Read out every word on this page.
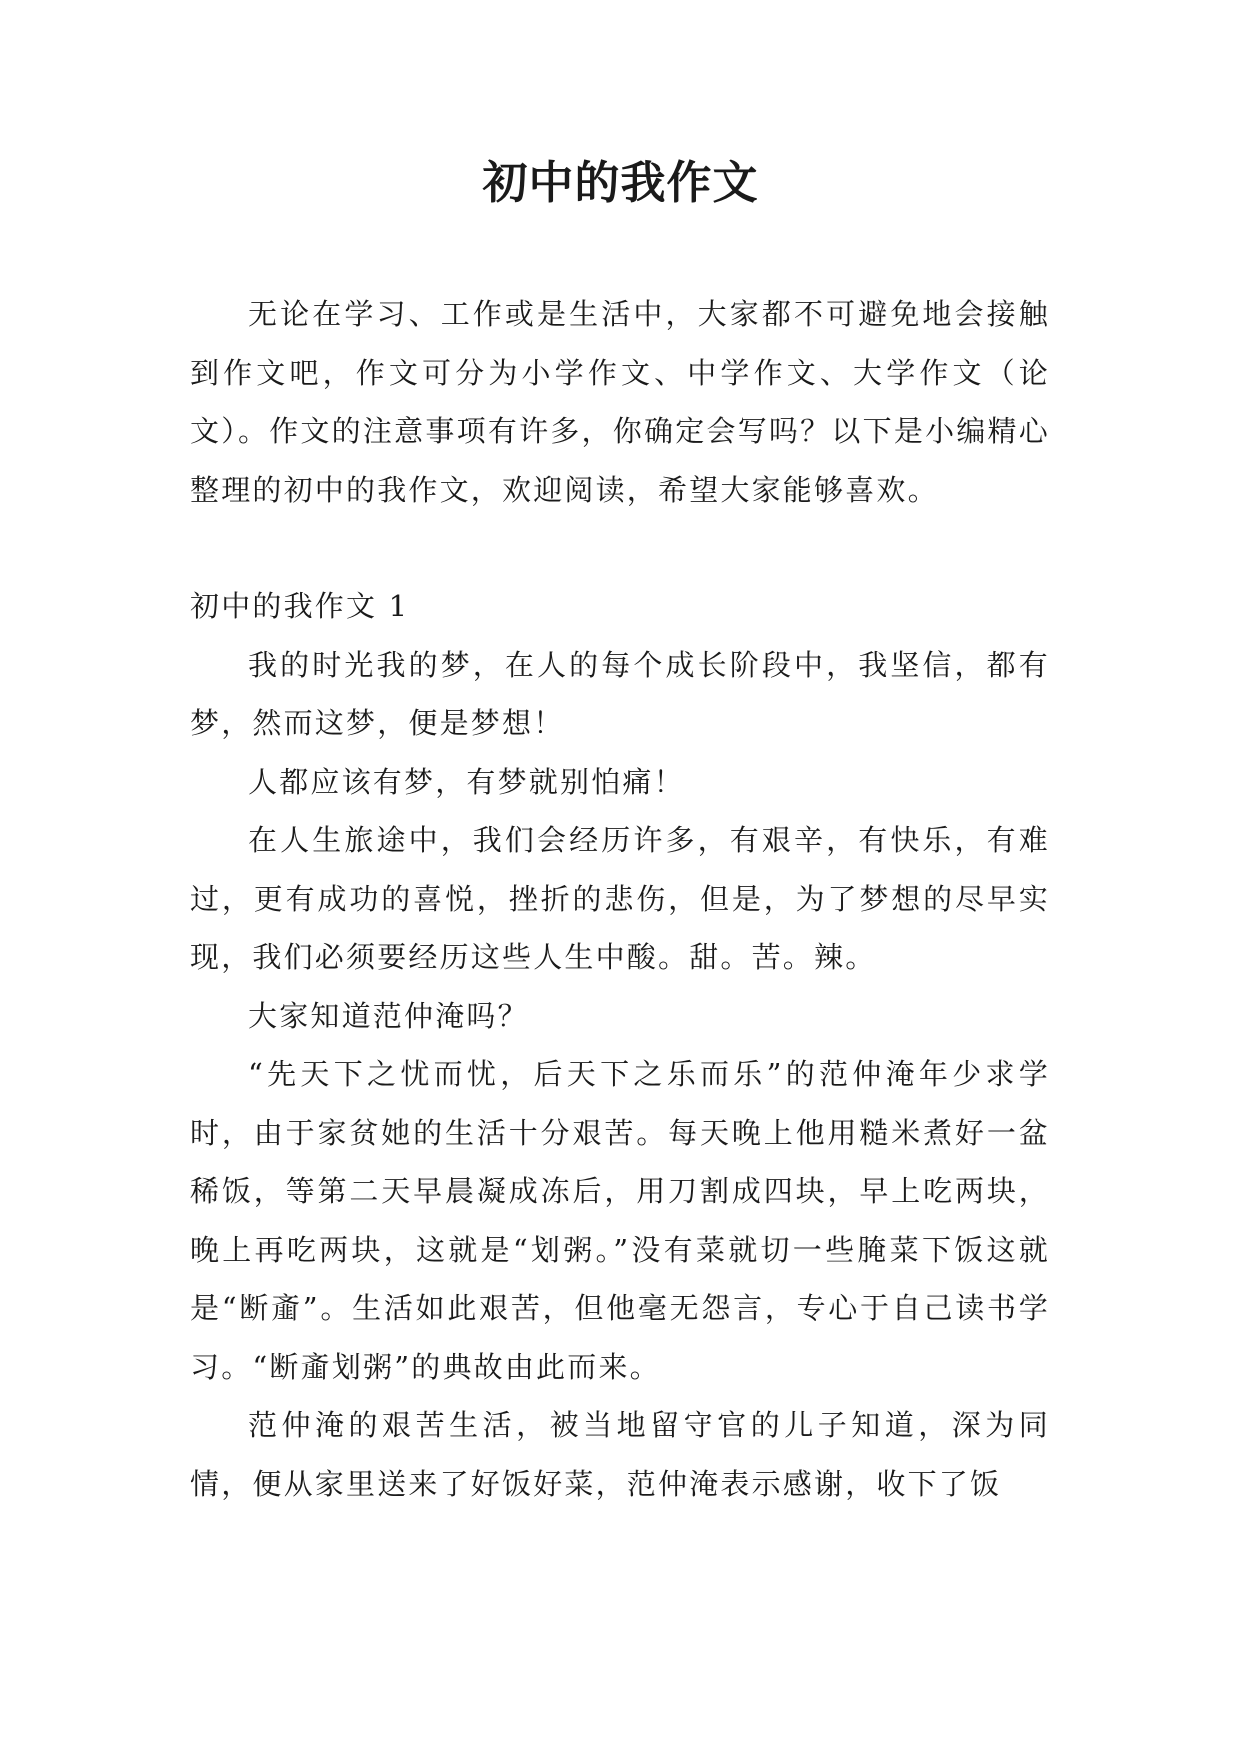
初中的我作文

无论在学习、工作或是生活中，大家都不可避免地会接触到作文吧，作文可分为小学作文、中学作文、大学作文（论文）。作文的注意事项有许多，你确定会写吗？以下是小编精心整理的初中的我作文，欢迎阅读，希望大家能够喜欢。

初中的我作文 1

我的时光我的梦，在人的每个成长阶段中，我坚信，都有梦，然而这梦，便是梦想！

人都应该有梦，有梦就别怕痛！

在人生旅途中，我们会经历许多，有艰辛，有快乐，有难过，更有成功的喜悦，挫折的悲伤，但是，为了梦想的尽早实现，我们必须要经历这些人生中酸。甜。苦。辣。

大家知道范仲淹吗？

“先天下之忧而忧，后天下之乐而乐”的范仲淹年少求学时，由于家贫她的生活十分艰苦。每天晚上他用糙米煮好一盆稀饭，等第二天早晨凝成冻后，用刀割成四块，早上吃两块，晚上再吃两块，这就是“划粥。”没有菜就切一些腌菜下饭这就是“断齑”。生活如此艰苦，但他毫无怨言，专心于自己读书学习。“断齑划粥”的典故由此而来。

范仲淹的艰苦生活，被当地留守官的儿子知道，深为同情，便从家里送来了好饭好菜，范仲淹表示感谢，收下了饭
